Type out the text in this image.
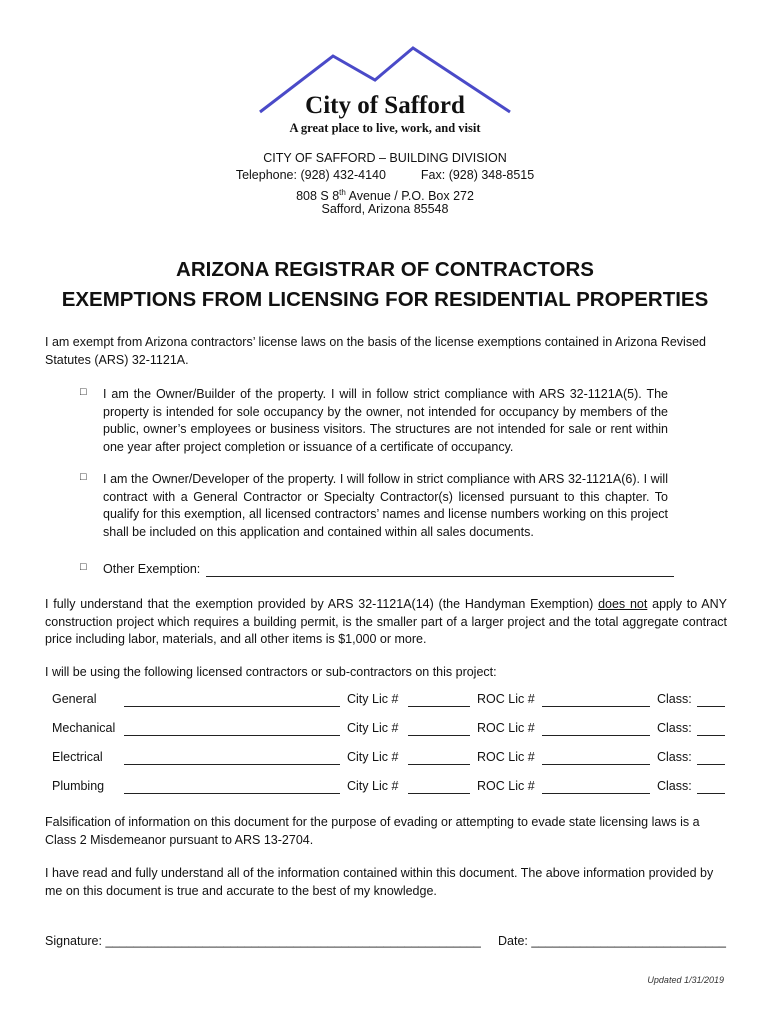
City of Safford
A great place to live, work, and visit
CITY OF SAFFORD – BUILDING DIVISION
Telephone: (928) 432-4140	Fax: (928) 348-8515
808 S 8th Avenue / P.O. Box 272
Safford, Arizona 85548
ARIZONA REGISTRAR OF CONTRACTORS
EXEMPTIONS FROM LICENSING FOR RESIDENTIAL PROPERTIES
I am exempt from Arizona contractors’ license laws on the basis of the license exemptions contained in Arizona Revised Statutes (ARS) 32-1121A.
□ I am the Owner/Builder of the property. I will in follow strict compliance with ARS 32-1121A(5). The property is intended for sole occupancy by the owner, not intended for occupancy by members of the public, owner’s employees or business visitors. The structures are not intended for sale or rent within one year after project completion or issuance of a certificate of occupancy.
□ I am the Owner/Developer of the property. I will follow in strict compliance with ARS 32-1121A(6). I will contract with a General Contractor or Specialty Contractor(s) licensed pursuant to this chapter. To qualify for this exemption, all licensed contractors’ names and license numbers working on this project shall be included on this application and contained within all sales documents.
□ Other Exemption:
I fully understand that the exemption provided by ARS 32-1121A(14) (the Handyman Exemption) does not apply to ANY construction project which requires a building permit, is the smaller part of a larger project and the total aggregate contract price including labor, materials, and all other items is $1,000 or more.
I will be using the following licensed contractors or sub-contractors on this project:
General	City Lic #	ROC Lic #	Class:
Mechanical	City Lic #	ROC Lic #	Class:
Electrical	City Lic #	ROC Lic #	Class:
Plumbing	City Lic #	ROC Lic #	Class:
Falsification of information on this document for the purpose of evading or attempting to evade state licensing laws is a Class 2 Misdemeanor pursuant to ARS 13-2704.
I have read and fully understand all of the information contained within this document. The above information provided by me on this document is true and accurate to the best of my knowledge.
Signature: ______________________________________________________ Date: ____________________________
Updated 1/31/2019
